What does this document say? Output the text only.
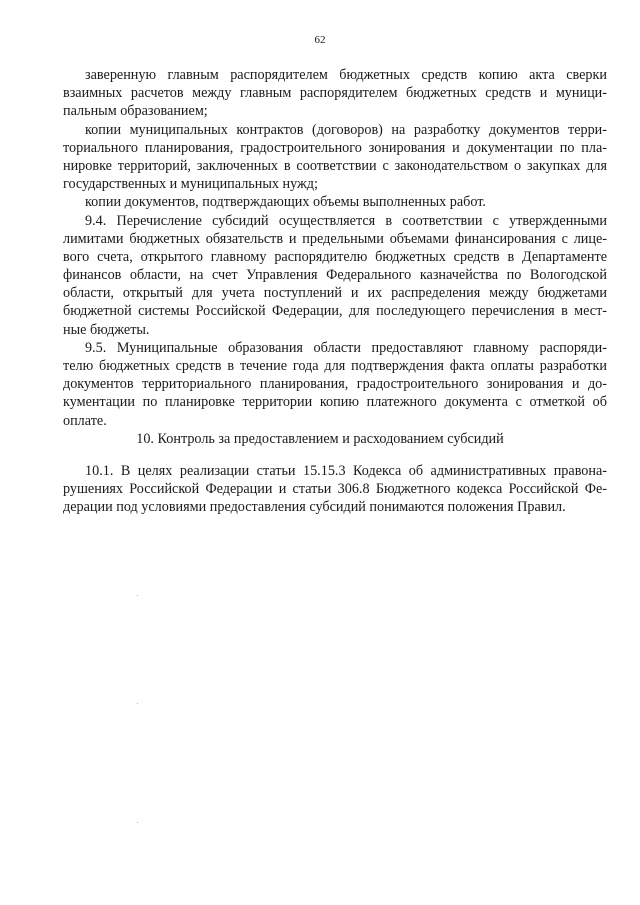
62
заверенную главным распорядителем бюджетных средств копию акта сверки
взаимных расчетов между главным распорядителем бюджетных средств и муници-
пальным образованием;
копии муниципальных контрактов (договоров) на разработку документов терри-
ториального планирования, градостроительного зонирования и документации по пла-
нировке территорий, заключенных в соответствии с законодательством о закупках для
государственных и муниципальных нужд;
копии документов, подтверждающих объемы выполненных работ.
9.4. Перечисление субсидий осуществляется в соответствии с утвержденными
лимитами бюджетных обязательств и предельными объемами финансирования с лице-
вого счета, открытого главному распорядителю бюджетных средств в Департаменте
финансов области, на счет Управления Федерального казначейства по Вологодской
области, открытый для учета поступлений и их распределения между бюджетами
бюджетной системы Российской Федерации, для последующего перечисления в мест-
ные бюджеты.
9.5. Муниципальные образования области предоставляют главному распоряди-
телю бюджетных средств в течение года для подтверждения факта оплаты разработки
документов территориального планирования, градостроительного зонирования и до-
кументации по планировке территории копию платежного документа с отметкой об
оплате.
10. Контроль за предоставлением и расходованием субсидий
10.1. В целях реализации статьи 15.15.3 Кодекса об административных правона-
рушениях Российской Федерации и статьи 306.8 Бюджетного кодекса Российской Фе-
дерации под условиями предоставления субсидий понимаются положения Правил.
